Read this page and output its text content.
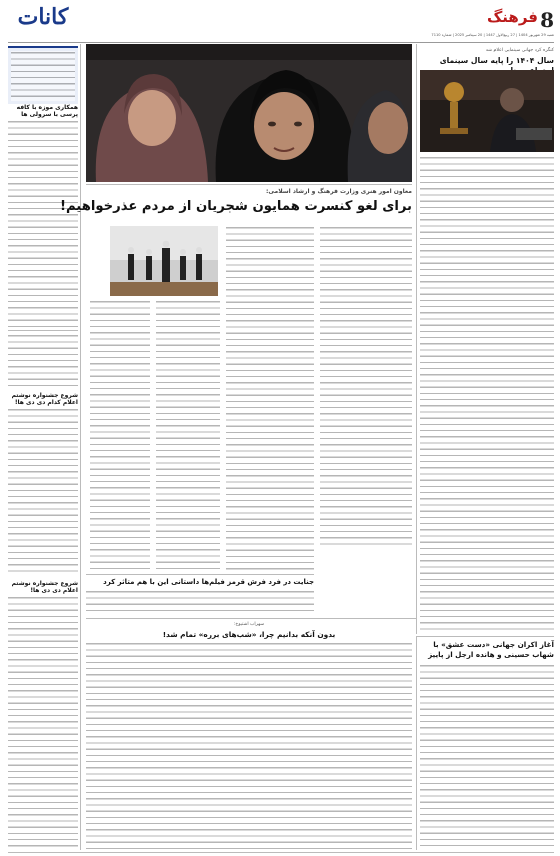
8
فرهنگ
شنبه 29 شهریور 1404 | 27 ربیع‌الاول 1447 | 20 سپتامبر 2025 | شماره 7110
کانات
همکاری موزه با کافه پرسی با سرولی ها
شروع جشنواره نوشتم اعلام کدام دی دی ها!
شروع جشنواره نوشتم اعلام دی دی ها!
کنگره کرد جهانی سینمایی اعلام شد
سال ۱۴۰۴ را پایه سال سینمای
معاون امور هنری وزارت فرهنگ و ارشاد اسلامی:
برای لغو کنسرت همایون شجریان از مردم عذرخواهیم!
جنایت در فرد فرش قرمز فیلم‌ها داستانی این با هم متاثر کرد
سهراب‌ اشتیوخ:
بدون آنکه بدانیم چرا، «شب‌های برره» تمام شد!
آغاز اکران جهانی «دست عشق» با شهاب حسینی و هانده ارجل از پاییز
